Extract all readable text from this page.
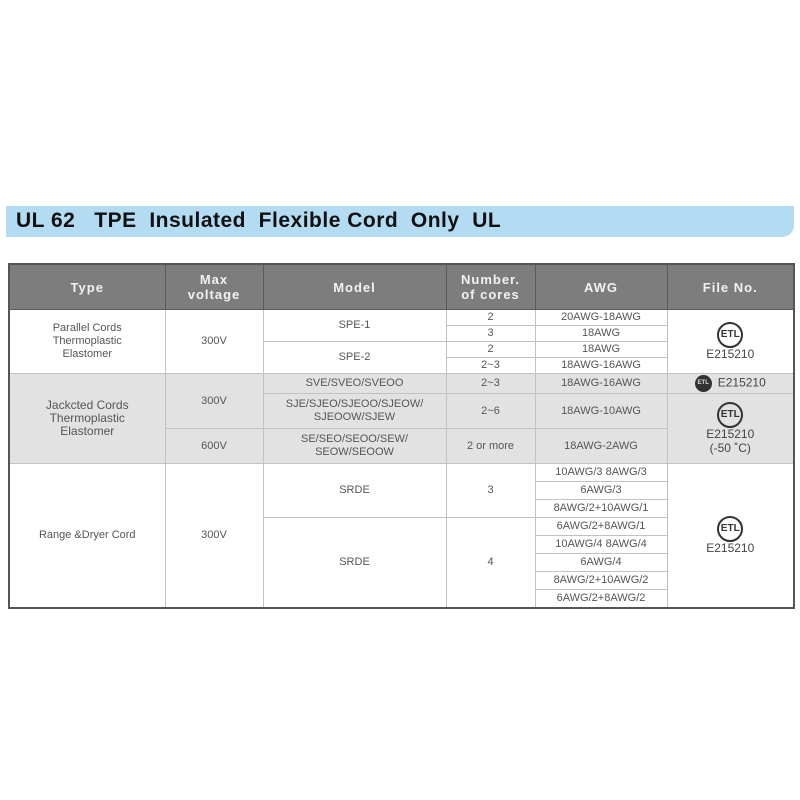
UL 62   TPE  Insulated  Flexible Cord  Only  UL
Type	Max
voltage	Model	Number.
of cores	AWG	File No.
Parallel Cords
Thermoplastic
Elastomer	300V	SPE-1	2	20AWG-18AWG	ETL
E215210
			3	18AWG	
		SPE-2	2	18AWG	
			2~3	18AWG-16AWG	
Jackcted Cords
Thermoplastic
Elastomer	300V	SVE/SVEO/SVEOO	2~3	18AWG-16AWG	ETL E215210
		SJE/SJEO/SJEOO/SJEOW/
SJEOOW/SJEW	2~6	18AWG-10AWG	ETL
E215210
(-50 ˚C)
	600V	SE/SEO/SEOO/SEW/
SEOW/SEOOW	2 or more	18AWG-2AWG	
Range &Dryer Cord	300V	SRDE	3	10AWG/3 8AWG/3	ETL
E215210
				6AWG/3	
				8AWG/2+10AWG/1	
		SRDE	4	6AWG/2+8AWG/1	
				10AWG/4 8AWG/4	
				6AWG/4	
				8AWG/2+10AWG/2	
				6AWG/2+8AWG/2	
